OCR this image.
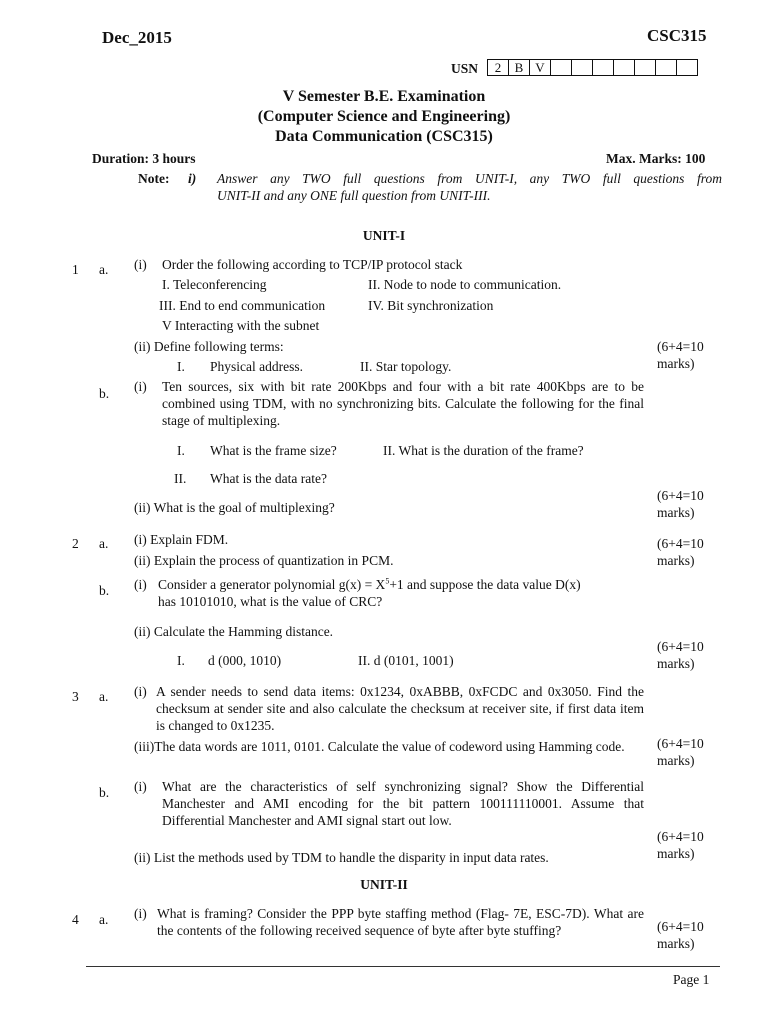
Dec_2015	CSC315
USN 2	B	V							
V Semester B.E. Examination
(Computer Science and Engineering)
Data Communication (CSC315)
Duration: 3 hours	Max. Marks: 100
Note: i) Answer any TWO full questions from UNIT-I, any TWO full questions from
UNIT-II and any ONE full question from UNIT-III.
UNIT-I
1 a. (i) Order the following according to TCP/IP protocol stack
I. Teleconferencing	II. Node to node to communication.
III. End to end communication	IV. Bit synchronization
V Interacting with the subnet
(ii) Define following terms:	(6+4=10
marks)
I. Physical address.	II. Star topology.
b. (i) Ten sources, six with bit rate 200Kbps and four with a bit rate 400Kbps are to be combined using TDM, with no synchronizing bits. Calculate the following for the final stage of multiplexing.
I. What is the frame size?	II. What is the duration of the frame?
II. What is the data rate?
(6+4=10
marks)
(ii) What is the goal of multiplexing?
2 a. (i) Explain FDM.	(6+4=10
marks)
(ii) Explain the process of quantization in PCM.
b. (i) Consider a generator polynomial $g(x) = X^5+1$ and suppose the data value D(x)
has 10101010, what is the value of CRC?
(ii) Calculate the Hamming distance.
(6+4=10
marks)
I. d (000, 1010)	II. d (0101, 1001)
3 a. (i) A sender needs to send data items: 0x1234, 0xABBB, 0xFCDC and 0x3050. Find the checksum at sender site and also calculate the checksum at receiver site, if first data item is changed to 0x1235.
(iii)The data words are 1011, 0101. Calculate the value of codeword using Hamming code.	(6+4=10
marks)
b. (i) What are the characteristics of self synchronizing signal? Show the Differential Manchester and AMI encoding for the bit pattern 100111110001. Assume that Differential Manchester and AMI signal start out low.
(6+4=10
marks)
(ii) List the methods used by TDM to handle the disparity in input data rates.
UNIT-II
4 a. (i) What is framing? Consider the PPP byte staffing method (Flag- 7E, ESC-7D). What are the contents of the following received sequence of byte after byte stuffing?	(6+4=10
marks)
Page 1
